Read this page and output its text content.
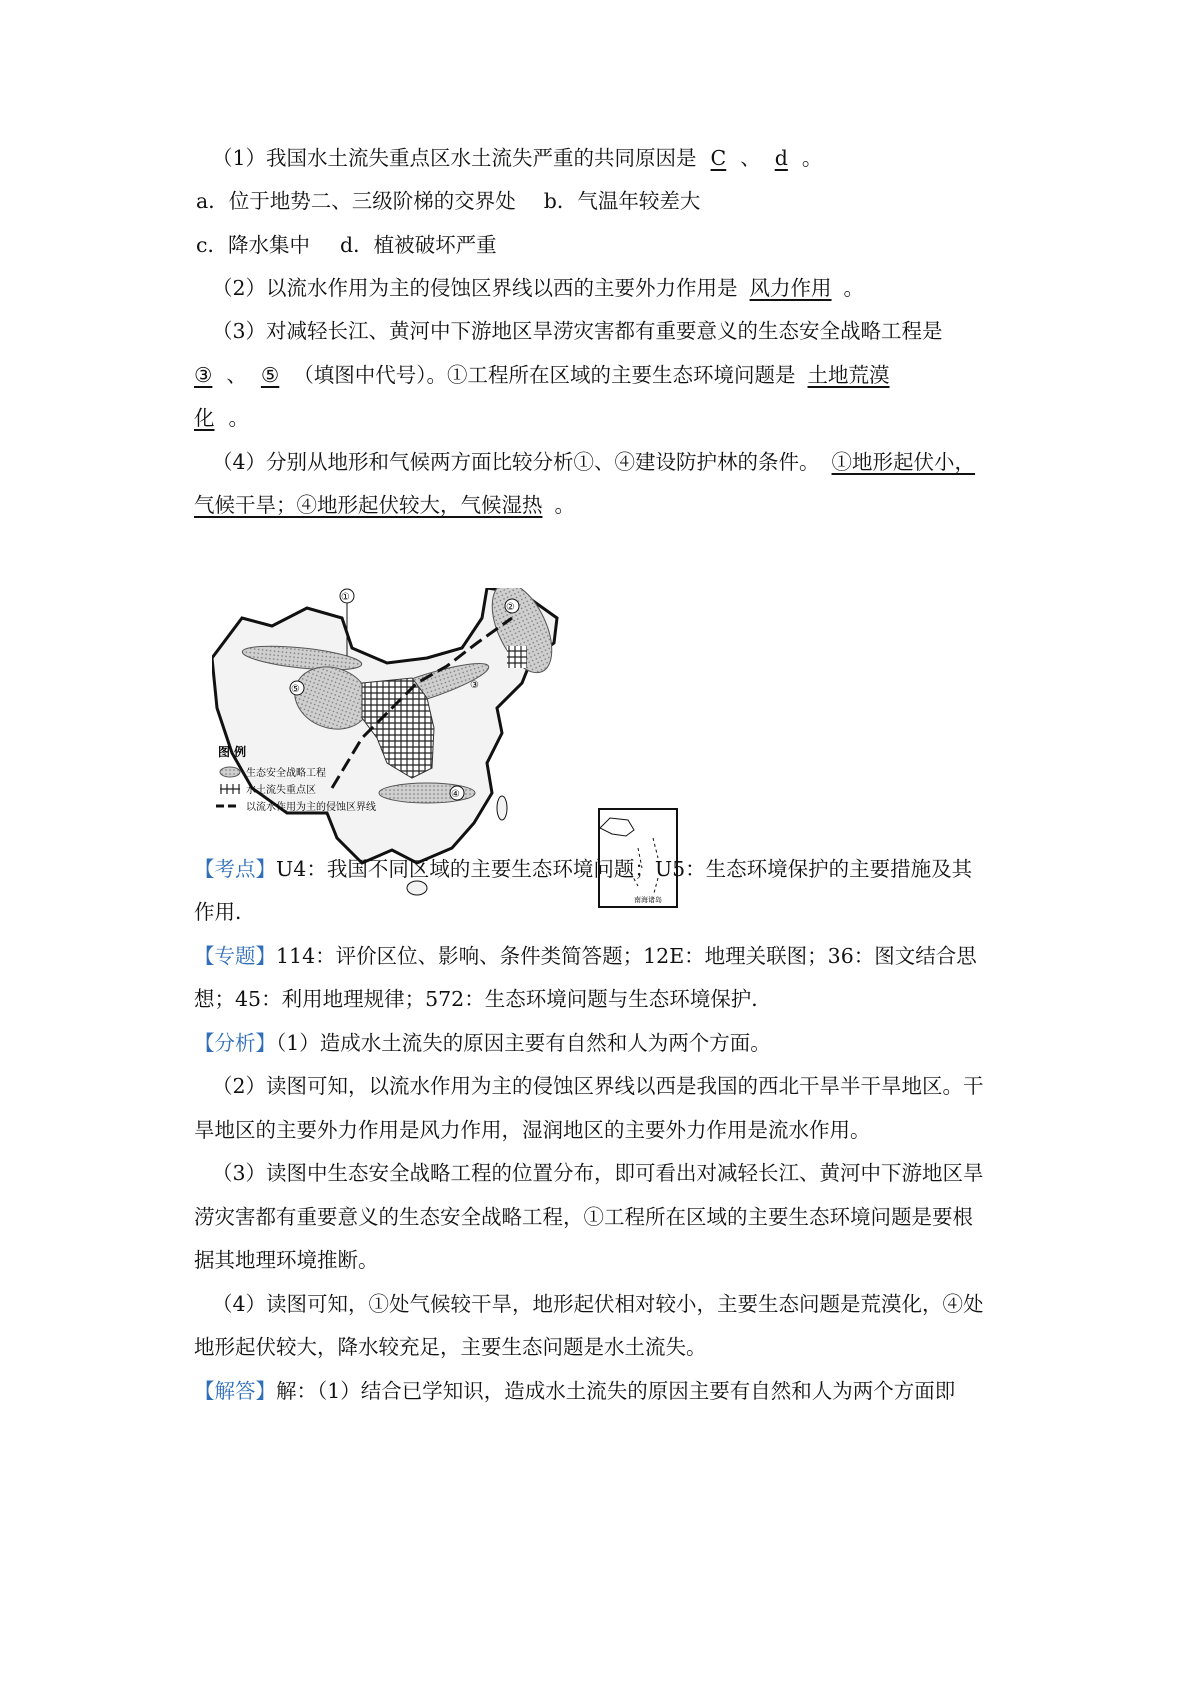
（1）我国水土流失重点区水土流失严重的共同原因是 C 、 d 。
a．位于地势二、三级阶梯的交界处 b．气温年较差大
c．降水集中 d．植被破坏严重
（2）以流水作用为主的侵蚀区界线以西的主要外力作用是 风力作用 。
（3）对减轻长江、黄河中下游地区旱涝灾害都有重要意义的生态安全战略工程是
③ 、 ⑤ （填图中代号）。①工程所在区域的主要生态环境问题是 土地荒漠
化 。
（4）分别从地形和气候两方面比较分析①、④建设防护林的条件。 ①地形起伏小，
气候干旱；④地形起伏较大，气候湿热 。
①
②
⑤
④
③
图 例
生态安全战略工程
水土流失重点区
以流水作用为主的侵蚀区界线
南海诸岛
【考点】U4：我国不同区域的主要生态环境问题；U5：生态环境保护的主要措施及其
作用．
【专题】114：评价区位、影响、条件类简答题；12E：地理关联图；36：图文结合思
想；45：利用地理规律；572：生态环境问题与生态环境保护．
【分析】（1）造成水土流失的原因主要有自然和人为两个方面。
（2）读图可知，以流水作用为主的侵蚀区界线以西是我国的西北干旱半干旱地区。干
旱地区的主要外力作用是风力作用，湿润地区的主要外力作用是流水作用。
（3）读图中生态安全战略工程的位置分布，即可看出对减轻长江、黄河中下游地区旱
涝灾害都有重要意义的生态安全战略工程，①工程所在区域的主要生态环境问题是要根
据其地理环境推断。
（4）读图可知，①处气候较干旱，地形起伏相对较小，主要生态问题是荒漠化，④处
地形起伏较大，降水较充足，主要生态问题是水土流失。
【解答】解：（1）结合已学知识，造成水土流失的原因主要有自然和人为两个方面即
